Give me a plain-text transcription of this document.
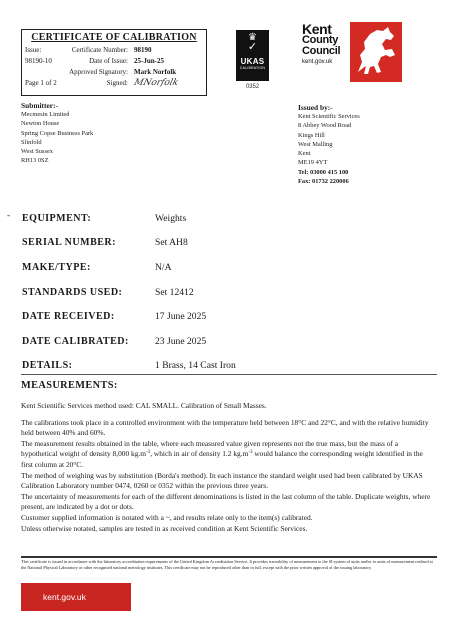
CERTIFICATE OF CALIBRATION
Issue:	Certificate Number: 98190
98190-10	Date of Issue: 25-Jun-25
Approved Signatory: Mark Norfolk
Page 1 of 2	Signed: MNorfolk
♛
✓
UKAS
CALIBRATION
0352
Kent
County
Council
kent.gov.uk
Submitter:-
Mecmesin Limited
Newton House
Spring Copse Business Park
Slinfold
West Sussex
RH13 0SZ
Issued by:-
Kent Scientific Services
8 Abbey Wood Road
Kings Hill
West Malling
Kent
ME19 4YT
Tel: 03000 415 100
Fax: 01732 220006
- EQUIPMENT:	Weights
SERIAL NUMBER:	Set AH8
MAKE/TYPE:	N/A
STANDARDS USED:	Set 12412
DATE RECEIVED:	17 June 2025
DATE CALIBRATED:	23 June 2025
DETAILS:	1 Brass, 14 Cast Iron
MEASUREMENTS:

Kent Scientific Services method used: CAL SMALL. Calibration of Small Masses.

The calibrations took place in a controlled environment with the temperature held between 18°C and 22°C, and with the relative humidity held between 40% and 60%.

The measurement results obtained in the table, where each measured value given represents not the true mass, but the mass of a hypothetical weight of density 8,000 $kg.m^{-3}$, which in air of density 1.2 $kg.m^{-3}$ would balance the corresponding weight identified in the first column at 20°C.

The method of weighing was by substitution (Borda's method). In each instance the standard weight used had been calibrated by UKAS Calibration Laboratory number 0474, 0260 or 0352 within the previous three years.

The uncertainty of measurements for each of the different denominations is listed in the last column of the table. Duplicate weights, where present, are indicated by a dot or dots.

Customer supplied information is notated with a ~, and results relate only to the item(s) calibrated.

Unless otherwise notated, samples are tested in as received condition at Kent Scientific Services.

This certificate is issued in accordance with the laboratory accreditation requirements of the United Kingdom Accreditation Service. It provides traceability of measurement to the SI system of units and/or to units of measurement realised at the National Physical Laboratory or other recognised national metrology institutes. This certificate may not be reproduced other than in full, except with the prior written approval of the issuing laboratory.
kent.gov.uk
